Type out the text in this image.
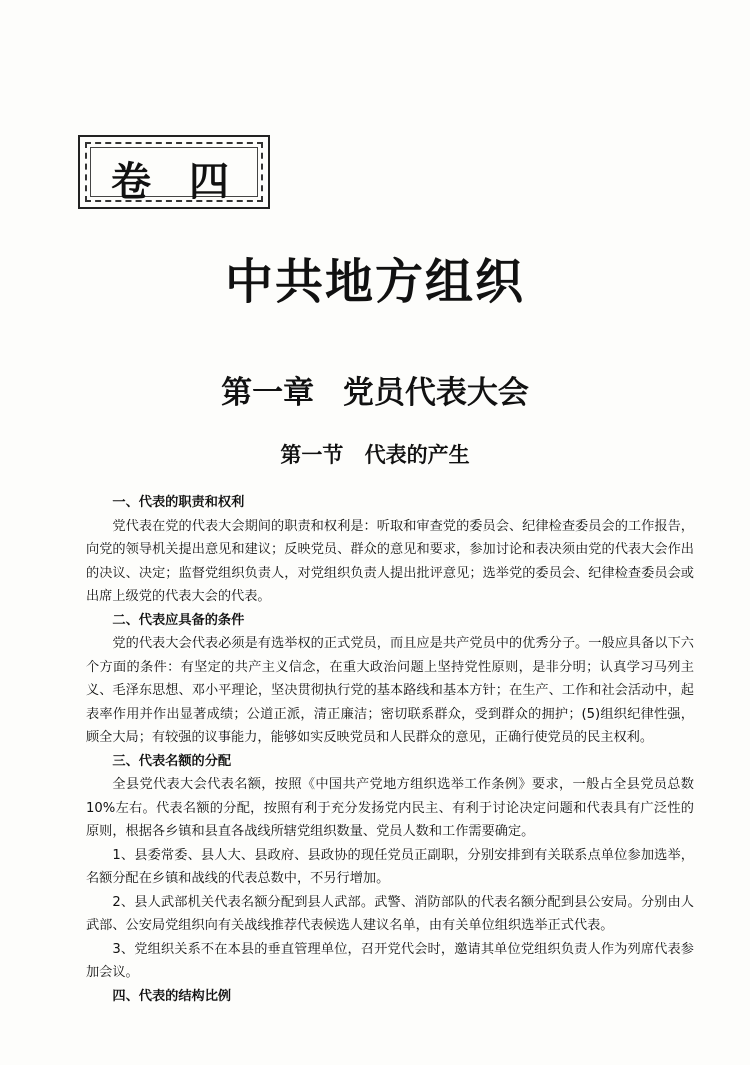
卷四
中共地方组织
第一章 党员代表大会
第一节 代表的产生
一、代表的职责和权利

党代表在党的代表大会期间的职责和权利是：听取和审查党的委员会、纪律检查委员会的工作报告，向党的领导机关提出意见和建议；反映党员、群众的意见和要求，参加讨论和表决须由党的代表大会作出的决议、决定；监督党组织负责人，对党组织负责人提出批评意见；选举党的委员会、纪律检查委员会或出席上级党的代表大会的代表。

二、代表应具备的条件

党的代表大会代表必须是有选举权的正式党员，而且应是共产党员中的优秀分子。一般应具备以下六个方面的条件：有坚定的共产主义信念，在重大政治问题上坚持党性原则，是非分明；认真学习马列主义、毛泽东思想、邓小平理论，坚决贯彻执行党的基本路线和基本方针；在生产、工作和社会活动中，起表率作用并作出显著成绩；公道正派，清正廉洁；密切联系群众，受到群众的拥护；(5)组织纪律性强，顾全大局；有较强的议事能力，能够如实反映党员和人民群众的意见，正确行使党员的民主权利。

三、代表名额的分配

全县党代表大会代表名额，按照《中国共产党地方组织选举工作条例》要求，一般占全县党员总数10%左右。代表名额的分配，按照有利于充分发扬党内民主、有利于讨论决定问题和代表具有广泛性的原则，根据各乡镇和县直各战线所辖党组织数量、党员人数和工作需要确定。

1、县委常委、县人大、县政府、县政协的现任党员正副职，分别安排到有关联系点单位参加选举，名额分配在乡镇和战线的代表总数中，不另行增加。

2、县人武部机关代表名额分配到县人武部。武警、消防部队的代表名额分配到县公安局。分别由人武部、公安局党组织向有关战线推荐代表候选人建议名单，由有关单位组织选举正式代表。

3、党组织关系不在本县的垂直管理单位，召开党代会时，邀请其单位党组织负责人作为列席代表参加会议。

四、代表的结构比例
